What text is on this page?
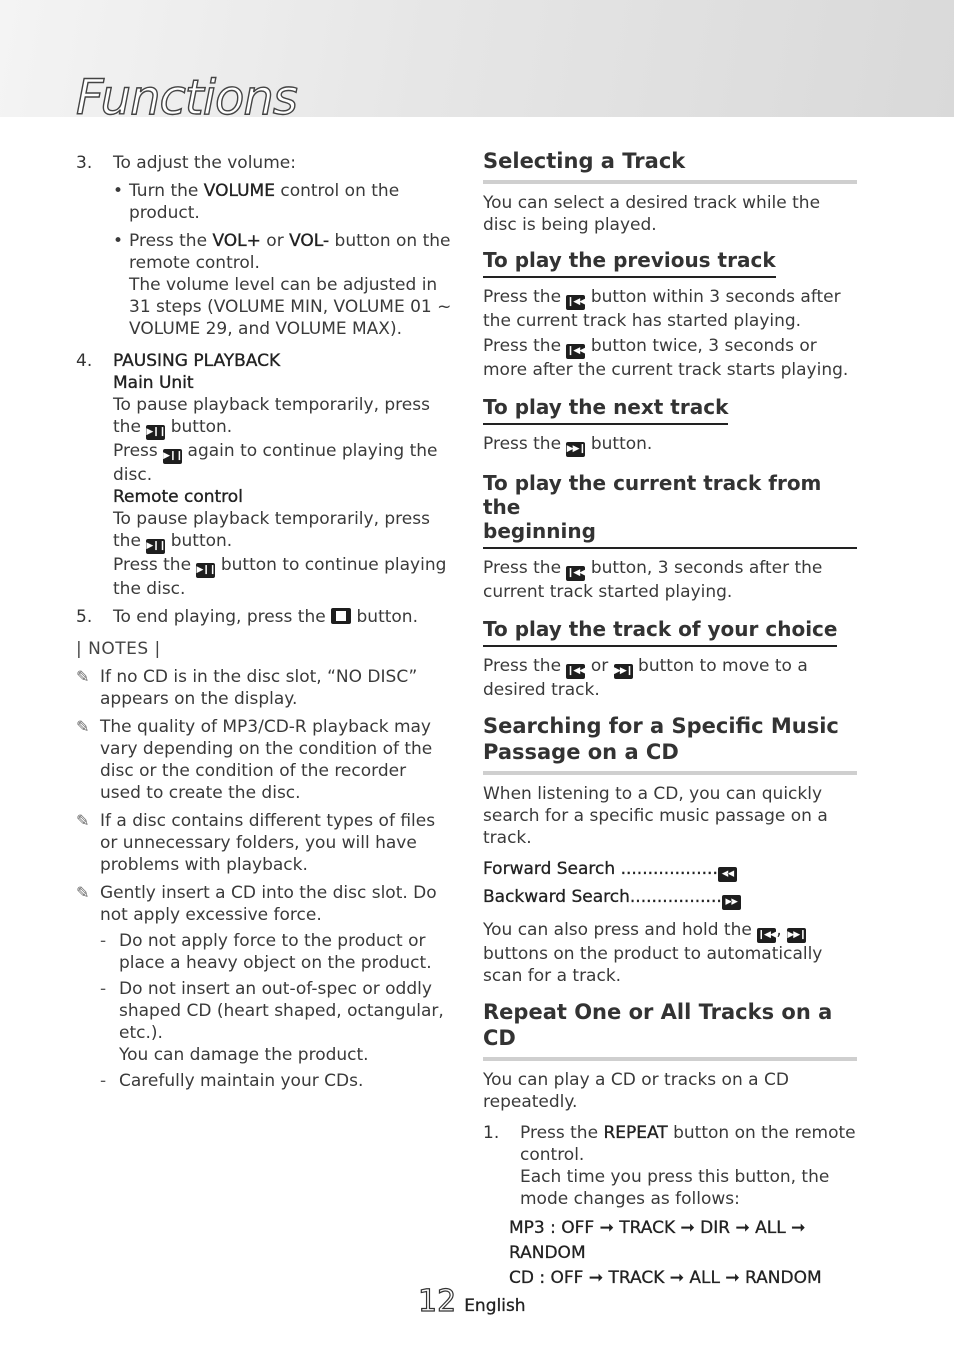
Functions
3. To adjust the volume:
• Turn the VOLUME control on the product.
• Press the VOL+ or VOL- button on the remote control.
The volume level can be adjusted in 31 steps (VOLUME MIN, VOLUME 01 ~ VOLUME 29, and VOLUME MAX).
4. PAUSING PLAYBACK
Main Unit
To pause playback temporarily, press the ▶❙❙ button.
Press ▶❙❙ again to continue playing the disc.
Remote control
To pause playback temporarily, press the ▶❙❙ button.
Press the ▶❙❙ button to continue playing the disc.
5. To end playing, press the  button.
| NOTES |
✎ If no CD is in the disc slot, “NO DISC” appears on the display.
✎ The quality of MP3/CD-R playback may vary depending on the condition of the disc or the condition of the recorder used to create the disc.
✎ If a disc contains different types of files or unnecessary folders, you will have problems with playback.
✎ Gently insert a CD into the disc slot. Do not apply excessive force.
- Do not apply force to the product or place a heavy object on the product.
- Do not insert an out-of-spec or oddly shaped CD (heart shaped, octangular, etc.).
You can damage the product.
- Carefully maintain your CDs.
Selecting a Track

You can select a desired track while the disc is being played.

To play the previous track

Press the ❙◀◀ button within 3 seconds after the current track has started playing.

Press the ❙◀◀ button twice, 3 seconds or more after the current track starts playing.

To play the next track

Press the ▶▶❙ button.

To play the current track from the
beginning

Press the ❙◀◀ button, 3 seconds after the current track started playing.

To play the track of your choice

Press the ❙◀◀ or ▶▶❙ button to move to a desired track.

Searching for a Specific Music Passage on a CD

When listening to a CD, you can quickly search for a specific music passage on a track.

Forward Search .................. ◀◀
Backward Search................. ▶▶

You can also press and hold the ❙◀◀, ▶▶❙ buttons on the product to automatically scan for a track.

Repeat One or All Tracks on a CD

You can play a CD or tracks on a CD repeatedly.

1. Press the REPEAT button on the remote control.
Each time you press this button, the mode changes as follows:
MP3 : OFF ➞ TRACK ➞ DIR ➞ ALL ➞ RANDOM
CD : OFF ➞ TRACK ➞ ALL ➞ RANDOM
12 English
